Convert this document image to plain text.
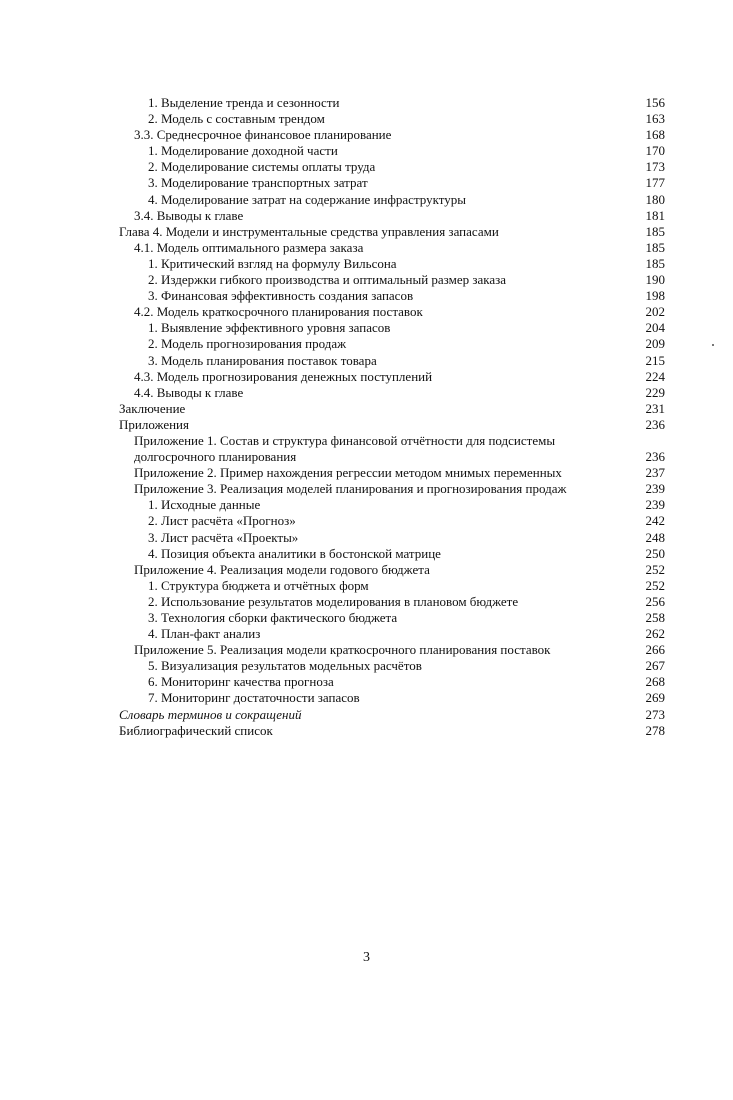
1. Выделение тренда и сезонности	156
2. Модель с составным трендом	163
3.3. Среднесрочное финансовое планирование	168
1. Моделирование доходной части	170
2. Моделирование системы оплаты труда	173
3. Моделирование транспортных затрат	177
4. Моделирование затрат на содержание инфраструктуры	180
3.4. Выводы к главе	181
Глава 4. Модели и инструментальные средства управления запасами	185
4.1. Модель оптимального размера заказа	185
1. Критический взгляд на формулу Вильсона	185
2. Издержки гибкого производства и оптимальный размер заказа	190
3. Финансовая эффективность создания запасов	198
4.2. Модель краткосрочного планирования поставок	202
1. Выявление эффективного уровня запасов	204
2. Модель прогнозирования продаж	209
3. Модель планирования поставок товара	215
4.3. Модель прогнозирования денежных поступлений	224
4.4. Выводы к главе	229
Заключение	231
Приложения	236
Приложение 1. Состав и структура финансовой отчётности для подсистемы
долгосрочного планирования	236
Приложение 2. Пример нахождения регрессии методом мнимых переменных	237
Приложение 3. Реализация моделей планирования и прогнозирования продаж	239
1. Исходные данные	239
2. Лист расчёта «Прогноз»	242
3. Лист расчёта «Проекты»	248
4. Позиция объекта аналитики в бостонской матрице	250
Приложение 4. Реализация модели годового бюджета	252
1. Структура бюджета и отчётных форм	252
2. Использование результатов моделирования в плановом бюджете	256
3. Технология сборки фактического бюджета	258
4. План-факт анализ	262
Приложение 5. Реализация модели краткосрочного планирования поставок	266
5. Визуализация результатов модельных расчётов	267
6. Мониторинг качества прогноза	268
7. Мониторинг достаточности запасов	269
Словарь терминов и сокращений	273
Библиографический список	278
3
